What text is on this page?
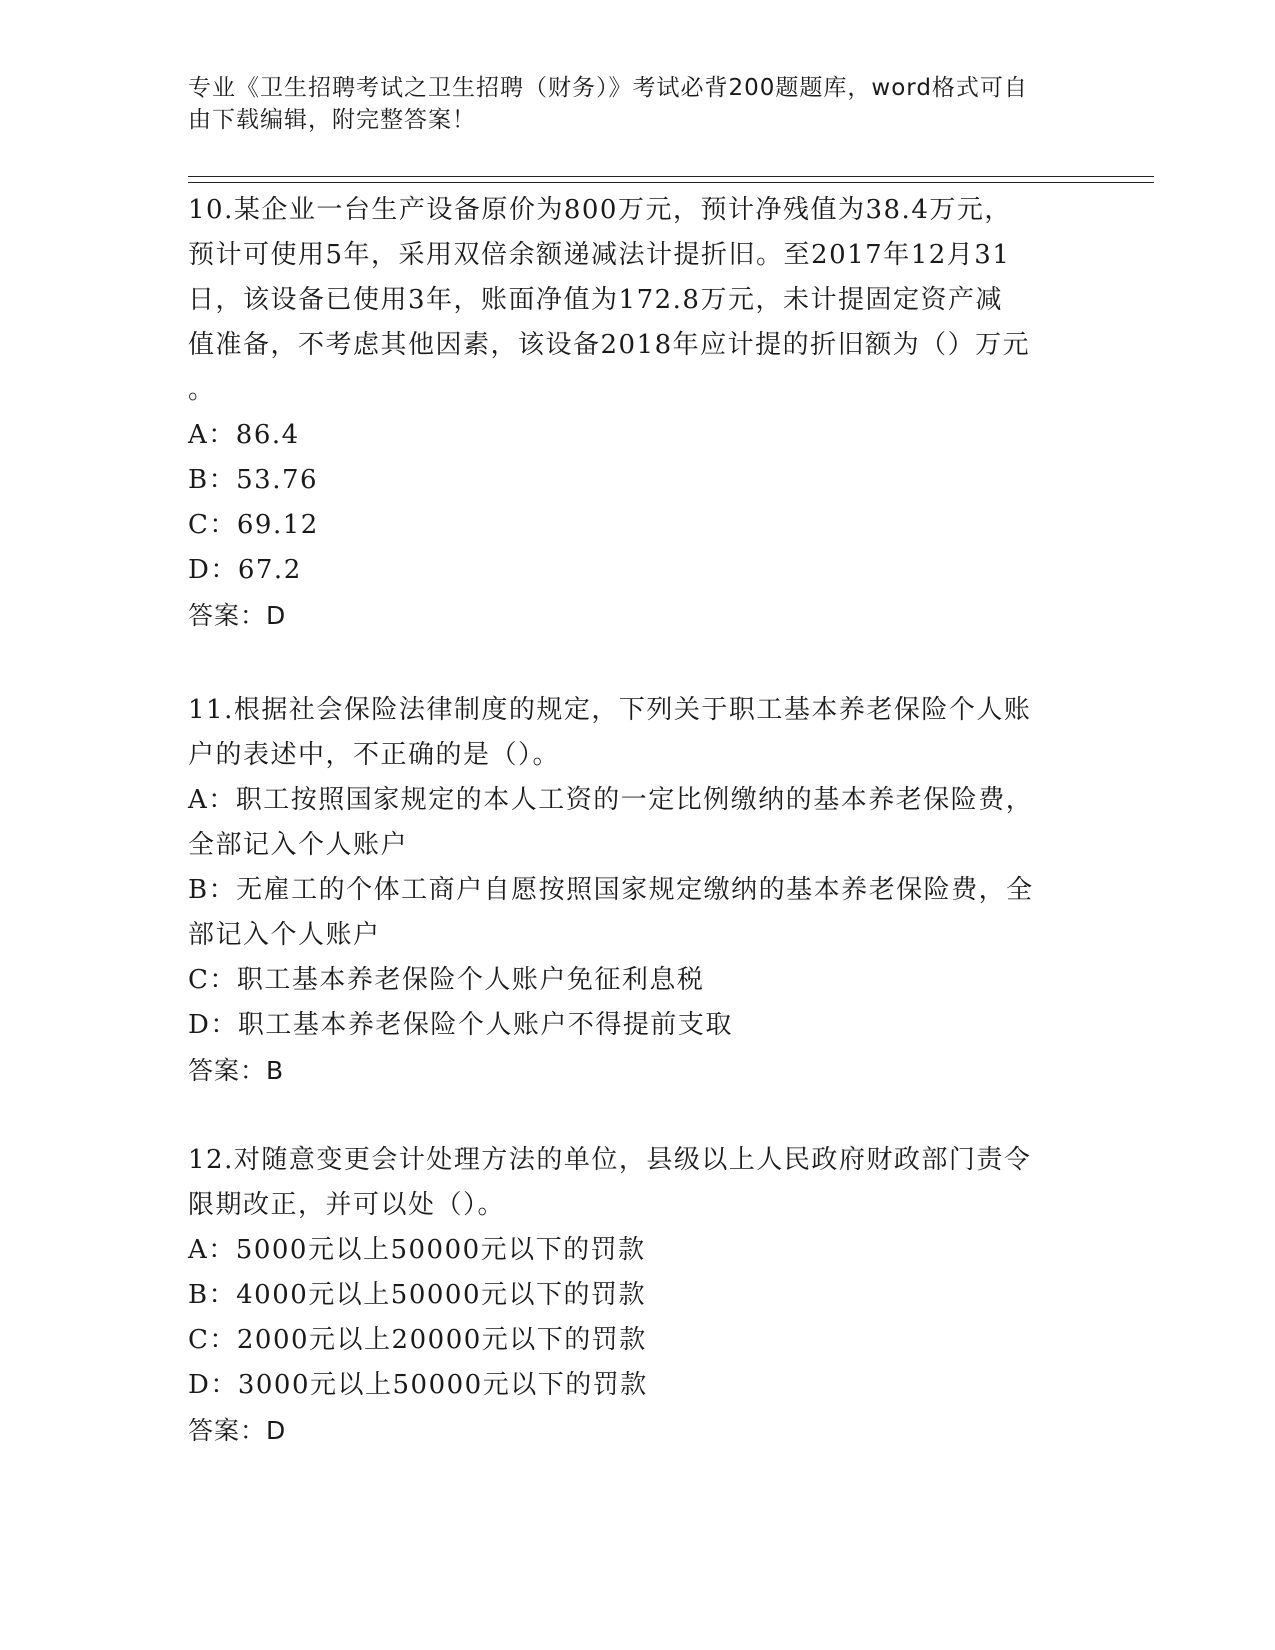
专业《卫生招聘考试之卫生招聘（财务）》考试必背200题题库，word格式可自
由下载编辑，附完整答案！
10.某企业一台生产设备原价为800万元，预计净残值为38.4万元，
预计可使用5年，采用双倍余额递减法计提折旧。至2017年12月31
日，该设备已使用3年，账面净值为172.8万元，未计提固定资产减
值准备，不考虑其他因素，该设备2018年应计提的折旧额为（）万元
。
A：86.4
B：53.76
C：69.12
D：67.2
答案：D
11.根据社会保险法律制度的规定，下列关于职工基本养老保险个人账
户的表述中，不正确的是（）。
A：职工按照国家规定的本人工资的一定比例缴纳的基本养老保险费，
全部记入个人账户
B：无雇工的个体工商户自愿按照国家规定缴纳的基本养老保险费，全
部记入个人账户
C：职工基本养老保险个人账户免征利息税
D：职工基本养老保险个人账户不得提前支取
答案：B
12.对随意变更会计处理方法的单位，县级以上人民政府财政部门责令
限期改正，并可以处（）。
A：5000元以上50000元以下的罚款
B：4000元以上50000元以下的罚款
C：2000元以上20000元以下的罚款
D：3000元以上50000元以下的罚款
答案：D
